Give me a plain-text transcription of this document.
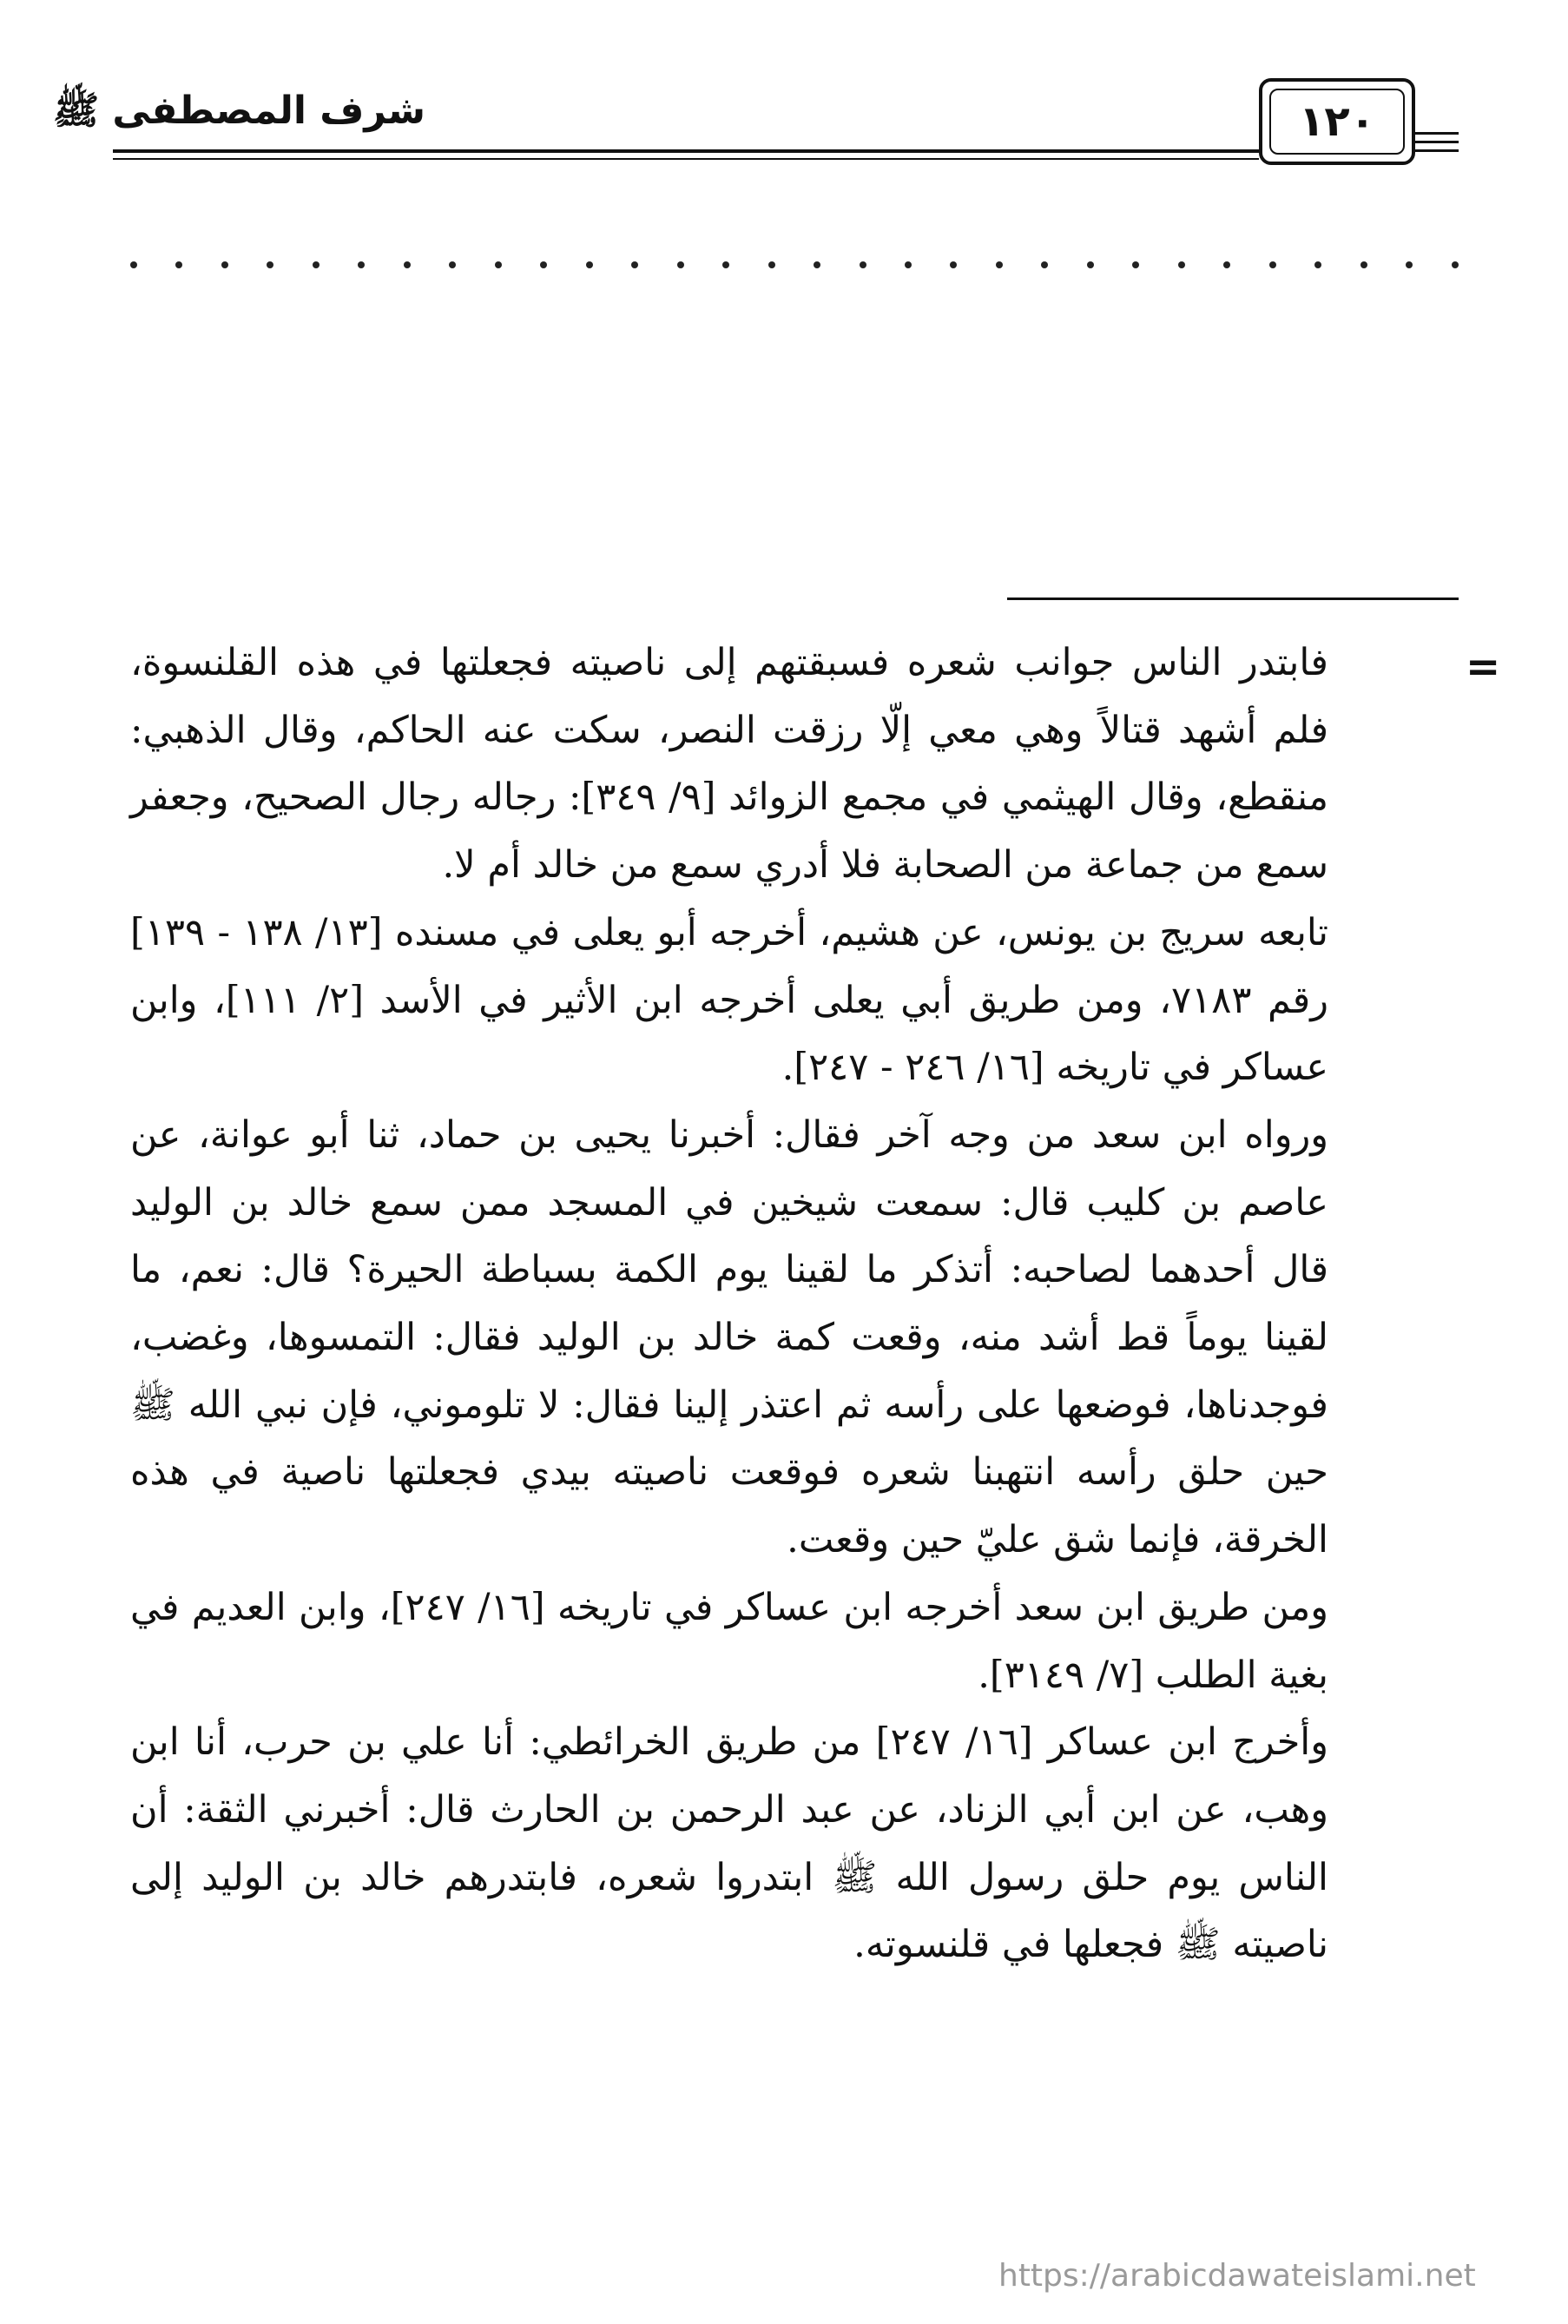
شرف المصطفى ﷺ	١٢٠
=

فابتدر الناس جوانب شعره فسبقتهم إلى ناصيته فجعلتها في هذه القلنسوة، فلم أشهد قتالاً وهي معي إلّا رزقت النصر، سكت عنه الحاكم، وقال الذهبي: منقطع، وقال الهيثمي في مجمع الزوائد [٩/ ٣٤٩]: رجاله رجال الصحيح، وجعفر سمع من جماعة من الصحابة فلا أدري سمع من خالد أم لا.

تابعه سريج بن يونس، عن هشيم، أخرجه أبو يعلى في مسنده [١٣/ ١٣٨ - ١٣٩] رقم ٧١٨٣، ومن طريق أبي يعلى أخرجه ابن الأثير في الأسد [٢/ ١١١]، وابن عساكر في تاريخه [١٦/ ٢٤٦ - ٢٤٧].

ورواه ابن سعد من وجه آخر فقال: أخبرنا يحيى بن حماد، ثنا أبو عوانة، عن عاصم بن كليب قال: سمعت شيخين في المسجد ممن سمع خالد بن الوليد قال أحدهما لصاحبه: أتذكر ما لقينا يوم الكمة بسباطة الحيرة؟ قال: نعم، ما لقينا يوماً قط أشد منه، وقعت كمة خالد بن الوليد فقال: التمسوها، وغضب، فوجدناها، فوضعها على رأسه ثم اعتذر إلينا فقال: لا تلوموني، فإن نبي الله ﷺ حين حلق رأسه انتهبنا شعره فوقعت ناصيته بيدي فجعلتها ناصية في هذه الخرقة، فإنما شق عليّ حين وقعت.

ومن طريق ابن سعد أخرجه ابن عساكر في تاريخه [١٦/ ٢٤٧]، وابن العديم في بغية الطلب [٧/ ٣١٤٩].

وأخرج ابن عساكر [١٦/ ٢٤٧] من طريق الخرائطي: أنا علي بن حرب، أنا ابن وهب، عن ابن أبي الزناد، عن عبد الرحمن بن الحارث قال: أخبرني الثقة: أن الناس يوم حلق رسول الله ﷺ ابتدروا شعره، فابتدرهم خالد بن الوليد إلى ناصيته ﷺ فجعلها في قلنسوته.

https://arabicdawateislami.net
